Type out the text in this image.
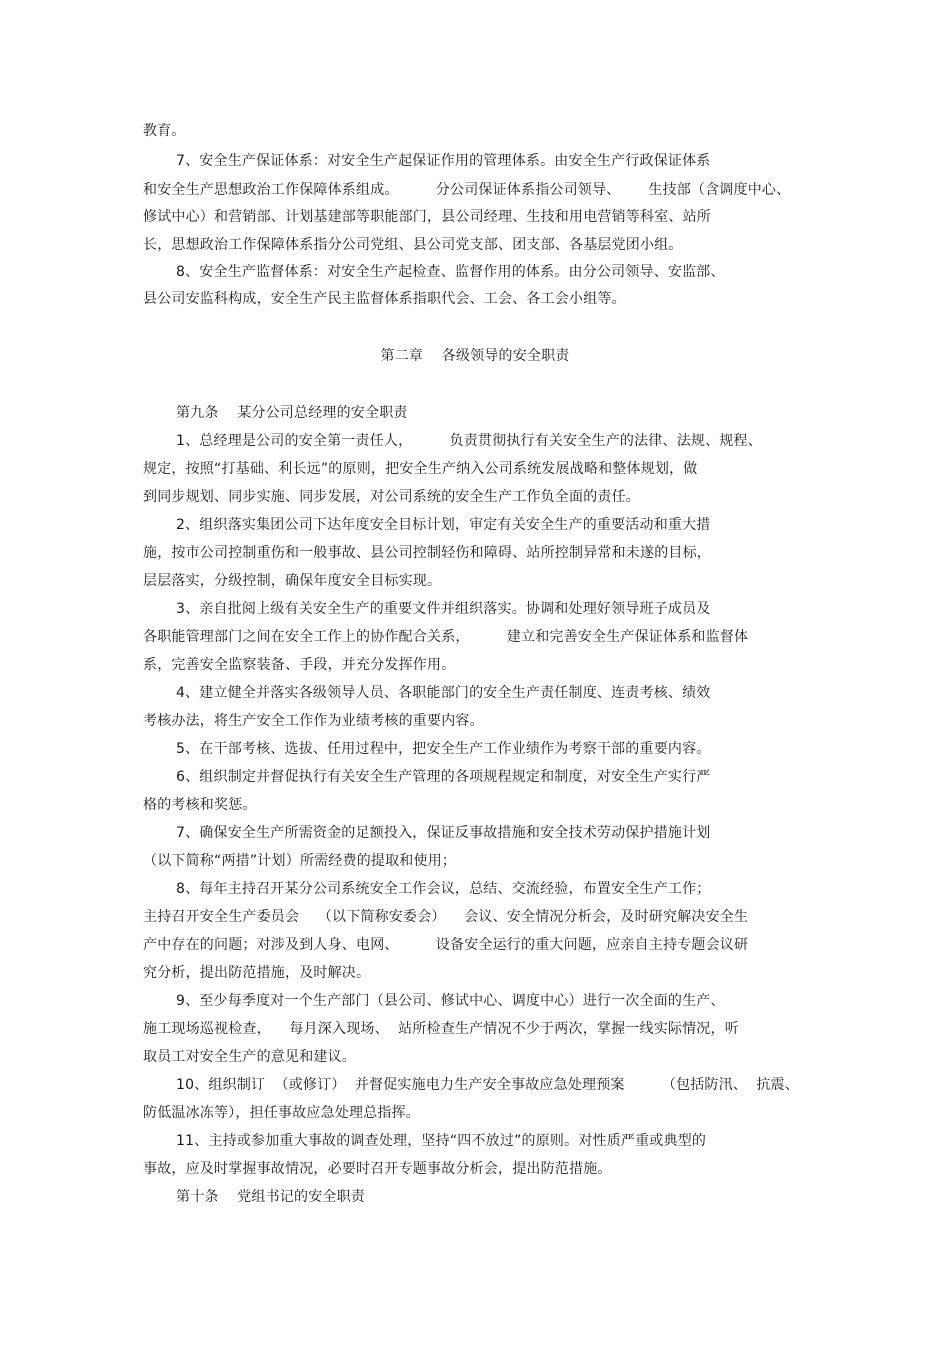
教育。
7、安全生产保证体系：对安全生产起保证作用的管理体系。由安全生产行政保证体系
和安全生产思想政治工作保障体系组成。        分公司保证体系指公司领导、      生技部（含调度中心、
修试中心）和营销部、计划基建部等职能部门，县公司经理、生技和用电营销等科室、站所
长，思想政治工作保障体系指分公司党组、县公司党支部、团支部、各基层党团小组。
8、安全生产监督体系：对安全生产起检查、监督作用的体系。由分公司领导、安监部、
县公司安监科构成，安全生产民主监督体系指职代会、工会、各工会小组等。
第二章    各级领导的安全职责
第九条    某分公司总经理的安全职责
1、总经理是公司的安全第一责任人，        负责贯彻执行有关安全生产的法律、法规、规程、
规定，按照“打基础、利长远”的原则，把安全生产纳入公司系统发展战略和整体规划，做
到同步规划、同步实施、同步发展，对公司系统的安全生产工作负全面的责任。
2、组织落实集团公司下达年度安全目标计划，审定有关安全生产的重要活动和重大措
施，按市公司控制重伤和一般事故、县公司控制轻伤和障碍、站所控制异常和未遂的目标，
层层落实，分级控制，确保年度安全目标实现。
3、亲自批阅上级有关安全生产的重要文件并组织落实。协调和处理好领导班子成员及
各职能管理部门之间在安全工作上的协作配合关系，        建立和完善安全生产保证体系和监督体
系，完善安全监察装备、手段，并充分发挥作用。
4、建立健全并落实各级领导人员、各职能部门的安全生产责任制度、连责考核、绩效
考核办法，将生产安全工作作为业绩考核的重要内容。
5、在干部考核、选拔、任用过程中，把安全生产工作业绩作为考察干部的重要内容。
6、组织制定并督促执行有关安全生产管理的各项规程规定和制度，对安全生产实行严
格的考核和奖惩。
7、确保安全生产所需资金的足额投入，保证反事故措施和安全技术劳动保护措施计划
（以下简称“两措”计划）所需经费的提取和使用；
8、每年主持召开某分公司系统安全工作会议，总结、交流经验，布置安全生产工作；
主持召开安全生产委员会    （以下简称安委会）    会议、安全情况分析会，及时研究解决安全生
产中存在的问题；对涉及到人身、电网、        设备安全运行的重大问题，应亲自主持专题会议研
究分析，提出防范措施，及时解决。
9、至少每季度对一个生产部门（县公司、修试中心、调度中心）进行一次全面的生产、
施工现场巡视检查，    每月深入现场、  站所检查生产情况不少于两次，掌握一线实际情况，听
取员工对安全生产的意见和建议。
10、组织制订  （或修订）  并督促实施电力生产安全事故应急处理预案        （包括防汛、  抗震、
防低温冰冻等），担任事故应急处理总指挥。
11、主持或参加重大事故的调查处理，坚持“四不放过”的原则。对性质严重或典型的
事故，应及时掌握事故情况，必要时召开专题事故分析会，提出防范措施。
第十条    党组书记的安全职责
